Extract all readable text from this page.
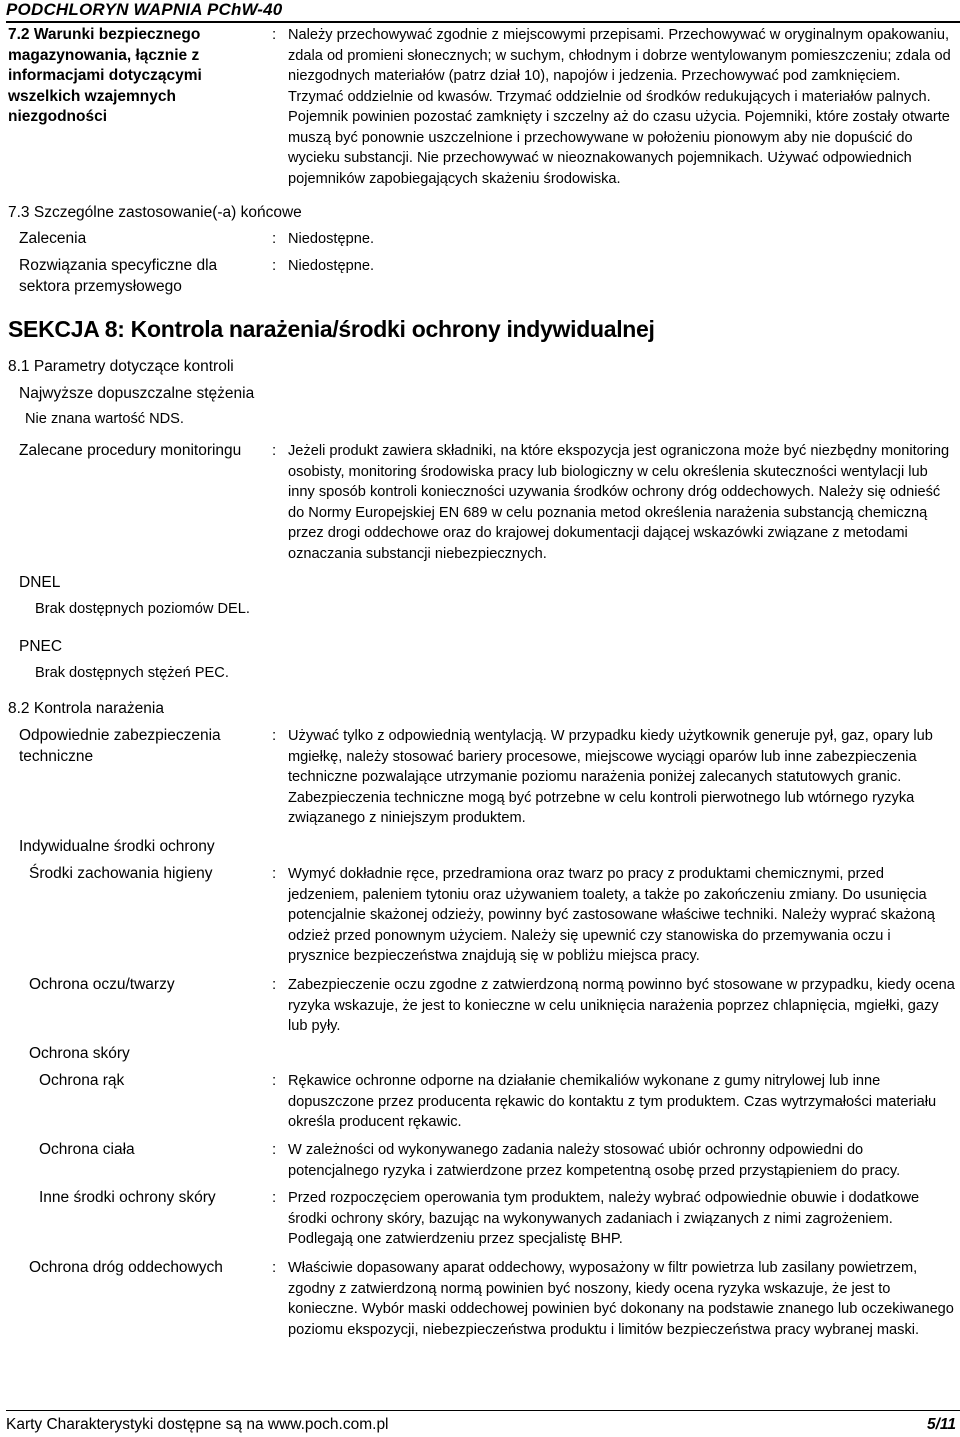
PODCHLORYN WAPNIA PChW-40
7.2 Warunki bezpiecznego magazynowania, łącznie z informacjami dotyczącymi wszelkich wzajemnych niezgodności
: Należy przechowywać zgodnie z miejscowymi przepisami. Przechowywać w oryginalnym opakowaniu, zdala od promieni słonecznych; w suchym, chłodnym i dobrze wentylowanym pomieszczeniu; zdala od niezgodnych materiałów (patrz dział 10), napojów i jedzenia. Przechowywać pod zamknięciem. Trzymać oddzielnie od kwasów. Trzymać oddzielnie od środków redukujących i materiałów palnych. Pojemnik powinien pozostać zamknięty i szczelny aż do czasu użycia. Pojemniki, które zostały otwarte muszą być ponownie uszczelnione i przechowywane w położeniu pionowym aby nie dopuścić do wycieku substancji. Nie przechowywać w nieoznakowanych pojemnikach. Używać odpowiednich pojemników zapobiegających skażeniu środowiska.
7.3 Szczególne zastosowanie(-a) końcowe
Zalecenia	: Niedostępne.
Rozwiązania specyficzne dla sektora przemysłowego
: Niedostępne.
SEKCJA 8: Kontrola narażenia/środki ochrony indywidualnej
8.1 Parametry dotyczące kontroli
Najwyższe dopuszczalne stężenia
Nie znana wartość NDS.
Zalecane procedury monitoringu : Jeżeli produkt zawiera składniki, na które ekspozycja jest ograniczona może być niezbędny monitoring osobisty, monitoring środowiska pracy lub biologiczny w celu określenia skuteczności wentylacji lub inny sposób kontroli konieczności uzywania środków ochrony dróg oddechowych. Należy się odnieść do Normy Europejskiej EN 689 w celu poznania metod określenia narażenia substancją chemiczną przez drogi oddechowe oraz do krajowej dokumentacji dającej wskazówki związane z metodami oznaczania substancji niebezpiecznych.
DNEL
Brak dostępnych poziomów DEL.
PNEC
Brak dostępnych stężeń PEC.
8.2 Kontrola narażenia
Odpowiednie zabezpieczenia techniczne
: Używać tylko z odpowiednią wentylacją. W przypadku kiedy użytkownik generuje pył, gaz, opary lub mgiełkę, należy stosować bariery procesowe, miejscowe wyciągi oparów lub inne zabezpieczenia techniczne pozwalające utrzymanie poziomu narażenia poniżej zalecanych statutowych granic. Zabezpieczenia techniczne mogą być potrzebne w celu kontroli pierwotnego lub wtórnego ryzyka związanego z niniejszym produktem.
Indywidualne środki ochrony
Środki zachowania higieny	: Wymyć dokładnie ręce, przedramiona oraz twarz po pracy z produktami chemicznymi, przed jedzeniem, paleniem tytoniu oraz używaniem toalety, a także po zakończeniu zmiany. Do usunięcia potencjalnie skażonej odzieży, powinny być zastosowane właściwe techniki. Należy wyprać skażoną odzież przed ponownym użyciem. Należy się upewnić czy stanowiska do przemywania oczu i prysznice bezpieczeństwa znajdują się w pobliżu miejsca pracy.
Ochrona oczu/twarzy	: Zabezpieczenie oczu zgodne z zatwierdzoną normą powinno być stosowane w przypadku, kiedy ocena ryzyka wskazuje, że jest to konieczne w celu uniknięcia narażenia poprzez chlapnięcia, mgiełki, gazy lub pyły.
Ochrona skóry
Ochrona rąk	: Rękawice ochronne odporne na działanie chemikaliów wykonane z gumy nitrylowej lub inne dopuszczone przez producenta rękawic do kontaktu z tym produktem. Czas wytrzymałości materiału określa producent rękawic.
Ochrona ciała	: W zależności od wykonywanego zadania należy stosować ubiór ochronny odpowiedni do potencjalnego ryzyka i zatwierdzone przez kompetentną osobę przed przystąpieniem do pracy.
Inne środki ochrony skóry	: Przed rozpoczęciem operowania tym produktem, należy wybrać odpowiednie obuwie i dodatkowe środki ochrony skóry, bazując na wykonywanych zadaniach i związanych z nimi zagrożeniem. Podlegają one zatwierdzeniu przez specjalistę BHP.
Ochrona dróg oddechowych	: Właściwie dopasowany aparat oddechowy, wyposażony w filtr powietrza lub zasilany powietrzem, zgodny z zatwierdzoną normą powinien być noszony, kiedy ocena ryzyka wskazuje, że jest to konieczne. Wybór maski oddechowej powinien być dokonany na podstawie znanego lub oczekiwanego poziomu ekspozycji, niebezpieczeństwa produktu i limitów bezpieczeństwa pracy wybranej maski.
Karty Charakterystyki dostępne są na www.poch.com.pl	5/11
